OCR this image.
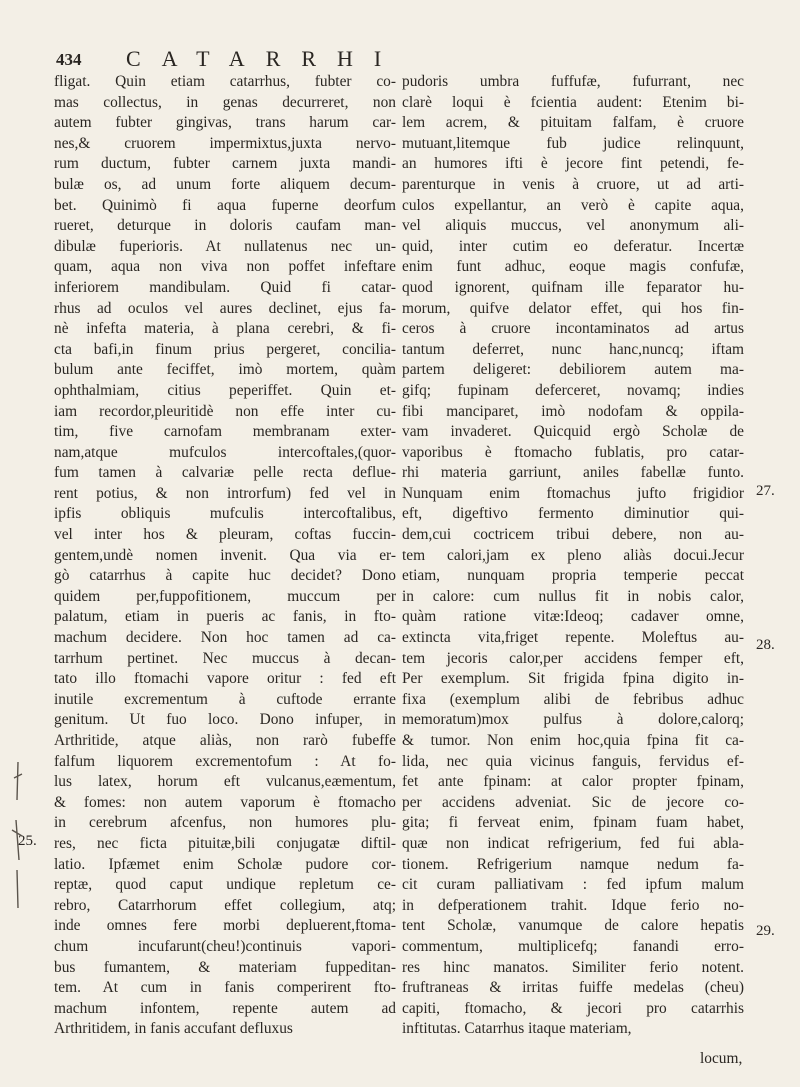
434 CATARRHI
fligat. Quin etiam catarrhus, fubter co-
mas collectus, in genas decurreret, non
autem fubter gingivas, trans harum car-
nes,& cruorem impermixtus,juxta nervo-
rum ductum, fubter carnem juxta mandi-
bulæ os, ad unum forte aliquem decum-
bet. Quinimò fi aqua fuperne deorfum
rueret, deturque in doloris caufam man-
dibulæ fuperioris. At nullatenus nec un-
quam, aqua non viva non poffet infeftare
inferiorem mandibulam. Quid fi catar-
rhus ad oculos vel aures declinet, ejus fa-
nè infefta materia, à plana cerebri, & fi-
cta bafi,in finum prius pergeret, concilia-
bulum ante feciffet, imò mortem, quàm
ophthalmiam, citius peperiffet. Quin et-
iam recordor,pleuritidè non effe inter cu-
tim, five carnofam membranam exter-
nam,atque mufculos intercoftales,(quor-
fum tamen à calvariæ pelle recta deflue-
rent potius, & non introrfum) fed vel in
ipfis obliquis mufculis intercoftalibus,
vel inter hos & pleuram, coftas fuccin-
gentem,undè nomen invenit. Qua via er-
gò catarrhus à capite huc decidet? Dono
quidem per,fuppofitionem, muccum per
palatum, etiam in pueris ac fanis, in fto-
machum decidere. Non hoc tamen ad ca-
tarrhum pertinet. Nec muccus à decan-
tato illo ftomachi vapore oritur : fed eft
inutile excrementum à cuftode errante
genitum. Ut fuo loco. Dono infuper, in
Arthritide, atque aliàs, non rarò fubeffe
falfum liquorem excrementofum : At fo-
lus latex, horum eft vulcanus,eæmentum,
& fomes: non autem vaporum è ftomacho
in cerebrum afcenfus, non humores plu-
res, nec ficta pituitæ,bili conjugatæ diftil-
latio. Ipfæmet enim Scholæ pudore cor-
reptæ, quod caput undique repletum ce-
rebro, Catarrhorum effet collegium, atq;
inde omnes fere morbi depluerent,ftoma-
chum incufarunt(cheu!)continuis vapori-
bus fumantem, & materiam fuppeditan-
tem. At cum in fanis comperirent fto-
machum infontem, repente autem ad
Arthritidem, in fanis accufant defluxus
pudoris umbra fuffufæ, fufurrant, nec
clarè loqui è fcientia audent: Etenim bi-
lem acrem, & pituitam falfam, è cruore
mutuant,litemque fub judice relinquunt,
an humores ifti è jecore fint petendi, fe-
parenturque in venis à cruore, ut ad arti-
culos expellantur, an verò è capite aqua,
vel aliquis muccus, vel anonymum ali-
quid, inter cutim eo deferatur. Incertæ
enim funt adhuc, eoque magis confufæ,
quod ignorent, quifnam ille feparator hu-
morum, quifve delator effet, qui hos fin-
ceros à cruore incontaminatos ad artus
tantum deferret, nunc hanc,nuncq; iftam
partem deligeret: debiliorem autem ma-
gifq; fupinam deferceret, novamq; indies
fibi manciparet, imò nodofam & oppila-
vam invaderet. Quicquid ergò Scholæ de
vaporibus è ftomacho fublatis, pro catar-
rhi materia garriunt, aniles fabellæ funto.
Nunquam enim ftomachus jufto frigidior
eft, digeftivo fermento diminutior qui-
dem,cui coctricem tribui debere, non au-
tem calori,jam ex pleno aliàs docui.Jecur
etiam, nunquam propria temperie peccat
in calore: cum nullus fit in nobis calor,
quàm ratione vitæ:Ideoq; cadaver omne,
extincta vita,friget repente. Moleftus au-
tem jecoris calor,per accidens femper eft,
Per exemplum. Sit frigida fpina digito in-
fixa (exemplum alibi de febribus adhuc
memoratum)mox pulfus à dolore,calorq;
& tumor. Non enim hoc,quia fpina fit ca-
lida, nec quia vicinus fanguis, fervidus ef-
fet ante fpinam: at calor propter fpinam,
per accidens adveniat. Sic de jecore co-
gita; fi ferveat enim, fpinam fuam habet,
quæ non indicat refrigerium, fed fui abla-
tionem. Refrigerium namque nedum fa-
cit curam palliativam : fed ipfum malum
in defperationem trahit. Idque ferio no-
tent Scholæ, vanumque de calore hepatis
commentum, multiplicefq; fanandi erro-
res hinc manatos. Similiter ferio notent.
fruftraneas & irritas fuiffe medelas (cheu)
capiti, ftomacho, & jecori pro catarrhis
inftitutas. Catarrhus itaque materiam,
25.
27.
28.
29.
locum,
